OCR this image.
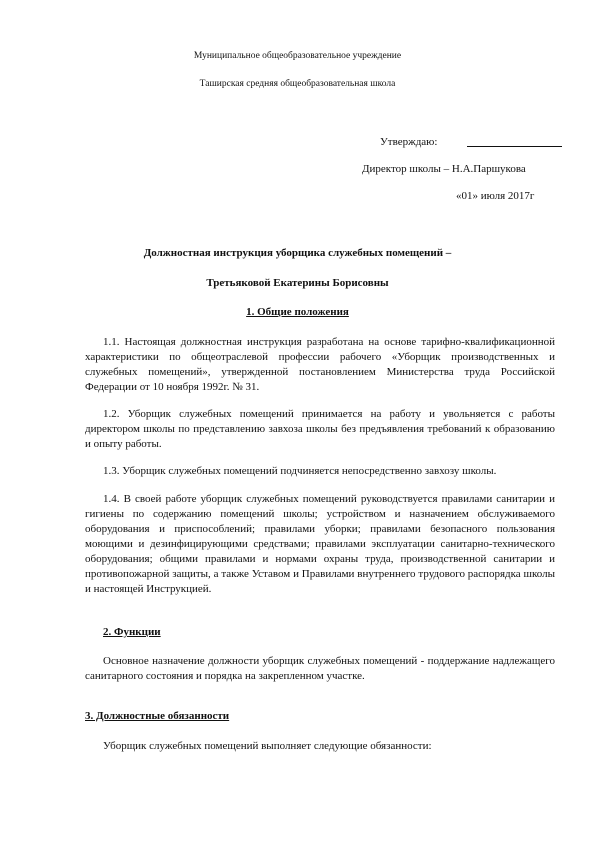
Муниципальное общеобразовательное учреждение
Таширская средняя общеобразовательная школа
Утверждаю:
Директор школы – Н.А.Паршукова
«01» июля 2017г
Должностная инструкция уборщика служебных помещений –
Третьяковой Екатерины Борисовны
1. Общие положения

1.1. Настоящая должностная инструкция разработана на основе тарифно-квалификационной характеристики по общеотраслевой профессии рабочего «Уборщик производственных и служебных помещений», утвержденной постановлением Министерства труда Российской Федерации от 10 ноября 1992г. № 31.

1.2. Уборщик служебных помещений принимается на работу и увольняется с работы директором школы по представлению завхоза школы без предъявления требований к образованию и опыту работы.

1.3. Уборщик служебных помещений подчиняется непосредственно завхозу школы.

1.4. В своей работе уборщик служебных помещений руководствуется правилами санитарии и гигиены по содержанию помещений школы; устройством и назначением обслуживаемого оборудования и приспособлений; правилами уборки; правилами безопасного пользования моющими и дезинфицирующими средствами; правилами эксплуатации санитарно-технического оборудования; общими правилами и нормами охраны труда, производственной санитарии и противопожарной защиты, а также Уставом и Правилами внутреннего трудового распорядка школы и настоящей Инструкцией.

2. Функции

Основное назначение должности уборщик служебных помещений - поддержание надлежащего санитарного состояния и порядка на закрепленном участке.

3. Должностные обязанности

Уборщик служебных помещений выполняет следующие обязанности:
